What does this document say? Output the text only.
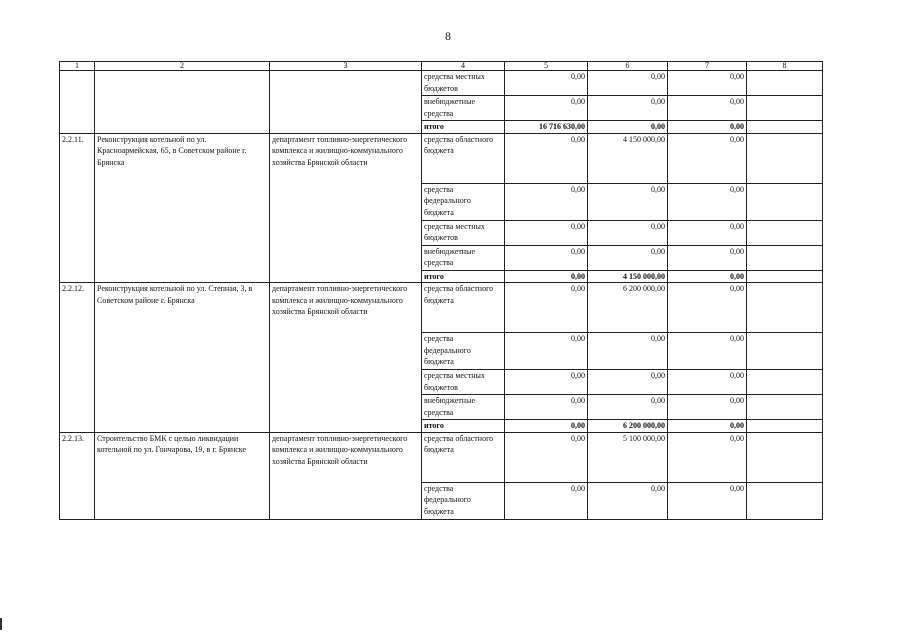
8
1	2	3	4	5	6	7	8
			средства местных бюджетов	0,00	0,00	0,00	
			внебюджетные средства	0,00	0,00	0,00	
			итого	16 716 630,00	0,00	0,00	
2.2.11.	Реконструкция котельной по ул. Красноармейская, 65, в Советском районе г. Брянска	департамент топливно-энергетического комплекса и жилищно-коммунального хозяйства Брянской области	средства областного бюджета	0,00	4 150 000,00	0,00	
			средства федерального бюджета	0,00	0,00	0,00	
			средства местных бюджетов	0,00	0,00	0,00	
			внебюджетные средства	0,00	0,00	0,00	
			итого	0,00	4 150 000,00	0,00	
2.2.12.	Реконструкция котельной по ул. Степная, 3, в Советском районе г. Брянска	департамент топливно-энергетического комплекса и жилищно-коммунального хозяйства Брянской области	средства областного бюджета	0,00	6 200 000,00	0,00	
			средства федерального бюджета	0,00	0,00	0,00	
			средства местных бюджетов	0,00	0,00	0,00	
			внебюджетные средства	0,00	0,00	0,00	
			итого	0,00	6 200 000,00	0,00	
2.2.13.	Строительство БМК с целью ликвидации котельной по ул. Гончарова, 19, в г. Брянске	департамент топливно-энергетического комплекса и жилищно-коммунального хозяйства Брянской области	средства областного бюджета	0,00	5 100 000,00	0,00	
			средства федерального бюджета	0,00	0,00	0,00	
